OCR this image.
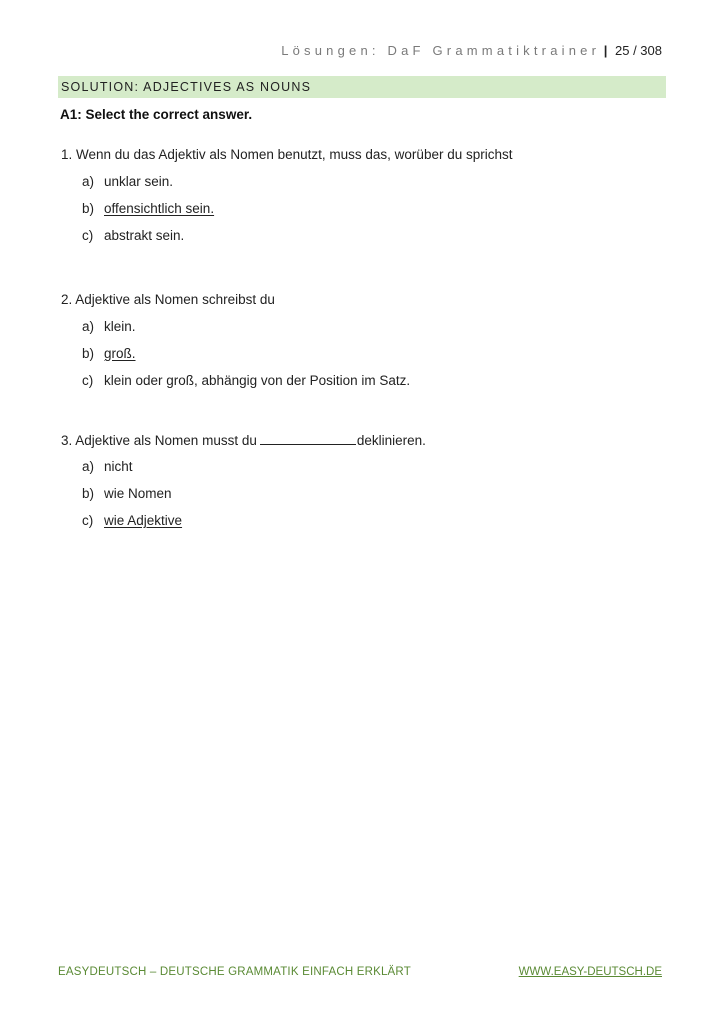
Lösungen: DaF Grammatiktrainer | 25 / 308
SOLUTION: ADJECTIVES AS NOUNS
A1: Select the correct answer.
1. Wenn du das Adjektiv als Nomen benutzt, muss das, worüber du sprichst
a) unklar sein.
b) offensichtlich sein.
c) abstrakt sein.
2. Adjektive als Nomen schreibst du
a) klein.
b) groß.
c) klein oder groß, abhängig von der Position im Satz.
3. Adjektive als Nomen musst du	deklinieren.
a) nicht
b) wie Nomen
c) wie Adjektive
EASYDEUTSCH – DEUTSCHE GRAMMATIK EINFACH ERKLÄRT	WWW.EASY-DEUTSCH.DE
